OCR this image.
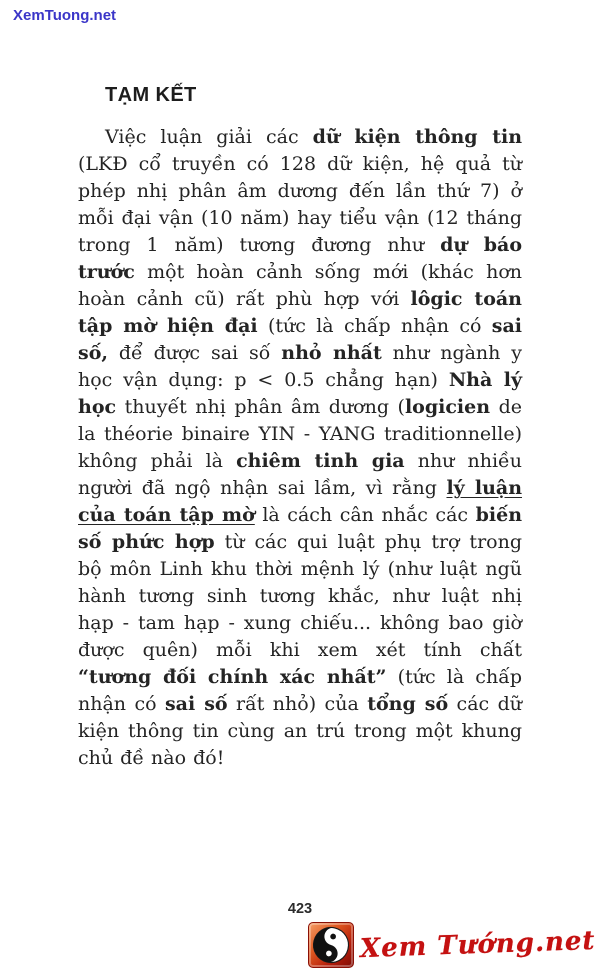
XemTuong.net
TẠM KẾT

Việc luận giải các dữ kiện thông tin (LKĐ cổ truyền có 128 dữ kiện, hệ quả từ phép nhị phân âm dương đến lần thứ 7) ở mỗi đại vận (10 năm) hay tiểu vận (12 tháng trong 1 năm) tương đương như dự báo trước một hoàn cảnh sống mới (khác hơn hoàn cảnh cũ) rất phù hợp với lôgic toán tập mờ hiện đại (tức là chấp nhận có sai số, để được sai số nhỏ nhất như ngành y học vận dụng: p < 0.5 chẳng hạn) Nhà lý học thuyết nhị phân âm dương (logicien de la théorie binaire YIN - YANG traditionnelle) không phải là chiêm tinh gia như nhiều người đã ngộ nhận sai lầm, vì rằng lý luận của toán tập mờ là cách cân nhắc các biến số phức hợp từ các qui luật phụ trợ trong bộ môn Linh khu thời mệnh lý (như luật ngũ hành tương sinh tương khắc, như luật nhị hạp - tam hạp - xung chiếu... không bao giờ được quên) mỗi khi xem xét tính chất “tương đối chính xác nhất” (tức là chấp nhận có sai số rất nhỏ) của tổng số các dữ kiện thông tin cùng an trú trong một khung chủ đề nào đó!

423
Xem Tướng.net
